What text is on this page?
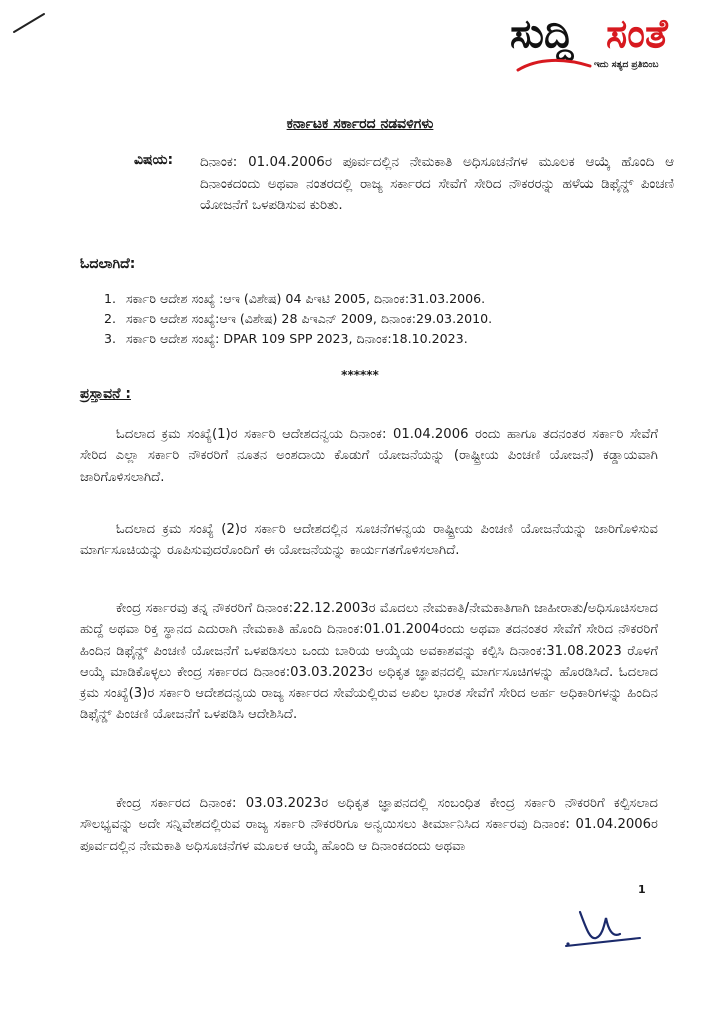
ಸುದ್ದಿ ಸಂತೆ
ಇದು ಸತ್ಯದ ಪ್ರತಿಬಿಂಬ
ಕರ್ನಾಟಕ ಸರ್ಕಾರದ ನಡವಳಿಗಳು
ವಿಷಯ: ದಿನಾಂಕ: 01.04.2006ರ ಪೂರ್ವದಲ್ಲಿನ ನೇಮಕಾತಿ ಅಧಿಸೂಚನೆಗಳ ಮೂಲಕ ಆಯ್ಕೆ ಹೊಂದಿ ಆ ದಿನಾಂಕದಂದು ಅಥವಾ ನಂತರದಲ್ಲಿ ರಾಜ್ಯ ಸರ್ಕಾರದ ಸೇವೆಗೆ ಸೇರಿದ ನೌಕರರನ್ನು ಹಳೆಯ ಡಿಫೈನ್ಡ್ ಪಿಂಚಣಿ ಯೋಜನೆಗೆ ಒಳಪಡಿಸುವ ಕುರಿತು.
ಓದಲಾಗಿದೆ:
1. ಸರ್ಕಾರಿ ಆದೇಶ ಸಂಖ್ಯೆ :ಆಇ (ವಿಶೇಷ) 04 ಪಿಇಟಿ 2005, ದಿನಾಂಕ:31.03.2006.
2. ಸರ್ಕಾರಿ ಆದೇಶ ಸಂಖ್ಯೆ:ಆಇ (ವಿಶೇಷ) 28 ಪಿಇಎನ್ 2009, ದಿನಾಂಕ:29.03.2010.
3. ಸರ್ಕಾರಿ ಆದೇಶ ಸಂಖ್ಯೆ: DPAR 109 SPP 2023, ದಿನಾಂಕ:18.10.2023.
******
ಪ್ರಸ್ತಾವನೆ :

ಓದಲಾದ ಕ್ರಮ ಸಂಖ್ಯೆ(1)ರ ಸರ್ಕಾರಿ ಆದೇಶದನ್ವಯ ದಿನಾಂಕ: 01.04.2006 ರಂದು ಹಾಗೂ ತದನಂತರ ಸರ್ಕಾರಿ ಸೇವೆಗೆ ಸೇರಿದ ಎಲ್ಲಾ ಸರ್ಕಾರಿ ನೌಕರರಿಗೆ ನೂತನ ಅಂಶದಾಯಿ ಕೊಡುಗೆ ಯೋಜನೆಯನ್ನು (ರಾಷ್ಟ್ರೀಯ ಪಿಂಚಣಿ ಯೋಜನೆ) ಕಡ್ಡಾಯವಾಗಿ ಜಾರಿಗೊಳಿಸಲಾಗಿದೆ.

ಓದಲಾದ ಕ್ರಮ ಸಂಖ್ಯೆ (2)ರ ಸರ್ಕಾರಿ ಆದೇಶದಲ್ಲಿನ ಸೂಚನೆಗಳನ್ವಯ ರಾಷ್ಟ್ರೀಯ ಪಿಂಚಣಿ ಯೋಜನೆಯನ್ನು ಜಾರಿಗೊಳಿಸುವ ಮಾರ್ಗಸೂಚಿಯನ್ನು ರೂಪಿಸುವುದರೊಂದಿಗೆ ಈ ಯೋಜನೆಯನ್ನು ಕಾರ್ಯಗತಗೊಳಿಸಲಾಗಿದೆ.

ಕೇಂದ್ರ ಸರ್ಕಾರವು ತನ್ನ ನೌಕರರಿಗೆ ದಿನಾಂಕ:22.12.2003ರ ಮೊದಲು ನೇಮಕಾತಿ/ನೇಮಕಾತಿಗಾಗಿ ಜಾಹೀರಾತು/ಅಧಿಸೂಚಿಸಲಾದ ಹುದ್ದೆ ಅಥವಾ ರಿಕ್ತ ಸ್ಥಾನದ ಎದುರಾಗಿ ನೇಮಕಾತಿ ಹೊಂದಿ ದಿನಾಂಕ:01.01.2004ರಂದು ಅಥವಾ ತದನಂತರ ಸೇವೆಗೆ ಸೇರಿದ ನೌಕರರಿಗೆ ಹಿಂದಿನ ಡಿಫೈನ್ಡ್ ಪಿಂಚಣಿ ಯೋಜನೆಗೆ ಒಳಪಡಿಸಲು ಒಂದು ಬಾರಿಯ ಆಯ್ಕೆಯ ಅವಕಾಶವನ್ನು ಕಲ್ಪಿಸಿ ದಿನಾಂಕ:31.08.2023 ರೊಳಗೆ ಆಯ್ಕೆ ಮಾಡಿಕೊಳ್ಳಲು ಕೇಂದ್ರ ಸರ್ಕಾರದ ದಿನಾಂಕ:03.03.2023ರ ಅಧಿಕೃತ ಜ್ಞಾಪನದಲ್ಲಿ ಮಾರ್ಗಸೂಚಿಗಳನ್ನು ಹೊರಡಿಸಿದೆ. ಓದಲಾದ ಕ್ರಮ ಸಂಖ್ಯೆ(3)ರ ಸರ್ಕಾರಿ ಆದೇಶದನ್ವಯ ರಾಜ್ಯ ಸರ್ಕಾರದ ಸೇವೆಯಲ್ಲಿರುವ ಅಖಿಲ ಭಾರತ ಸೇವೆಗೆ ಸೇರಿದ ಅರ್ಹ ಅಧಿಕಾರಿಗಳನ್ನು ಹಿಂದಿನ ಡಿಫೈನ್ಡ್ ಪಿಂಚಣಿ ಯೋಜನೆಗೆ ಒಳಪಡಿಸಿ ಆದೇಶಿಸಿದೆ.

ಕೇಂದ್ರ ಸರ್ಕಾರದ ದಿನಾಂಕ: 03.03.2023ರ ಅಧಿಕೃತ ಜ್ಞಾಪನದಲ್ಲಿ ಸಂಬಂಧಿತ ಕೇಂದ್ರ ಸರ್ಕಾರಿ ನೌಕರರಿಗೆ ಕಲ್ಪಿಸಲಾದ ಸೌಲಭ್ಯವನ್ನು ಅದೇ ಸನ್ನಿವೇಶದಲ್ಲಿರುವ ರಾಜ್ಯ ಸರ್ಕಾರಿ ನೌಕರರಿಗೂ ಅನ್ವಯಿಸಲು ತೀರ್ಮಾನಿಸಿದ ಸರ್ಕಾರವು ದಿನಾಂಕ: 01.04.2006ರ ಪೂರ್ವದಲ್ಲಿನ ನೇಮಕಾತಿ ಅಧಿಸೂಚನೆಗಳ ಮೂಲಕ ಆಯ್ಕೆ ಹೊಂದಿ ಆ ದಿನಾಂಕದಂದು ಅಥವಾ

1
